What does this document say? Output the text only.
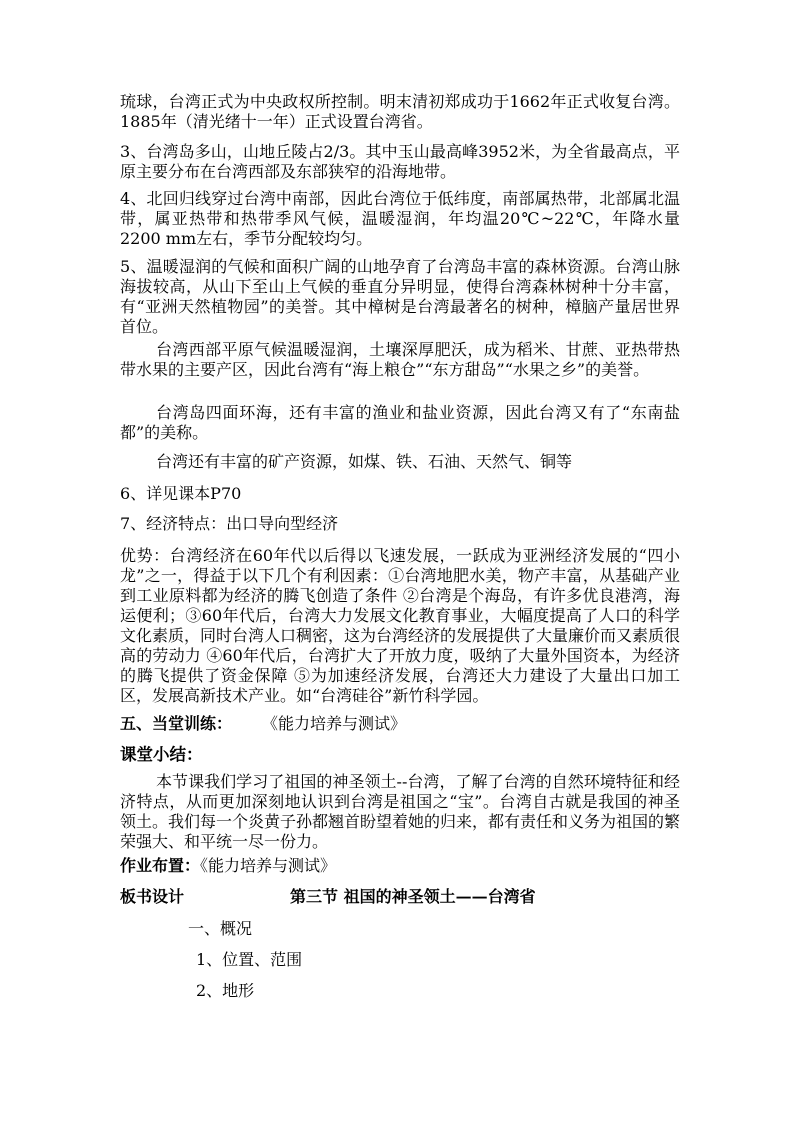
琉球，台湾正式为中央政权所控制。明末清初郑成功于1662年正式收复台湾。1885年（清光绪十一年）正式设置台湾省。

3、台湾岛多山，山地丘陵占2/3。其中玉山最高峰3952米，为全省最高点，平原主要分布在台湾西部及东部狭窄的沿海地带。

4、北回归线穿过台湾中南部，因此台湾位于低纬度，南部属热带，北部属北温带，属亚热带和热带季风气候，温暖湿润，年均温20℃~22℃，年降水量2200 mm左右，季节分配较均匀。

5、温暖湿润的气候和面积广阔的山地孕育了台湾岛丰富的森林资源。台湾山脉海拔较高，从山下至山上气候的垂直分异明显，使得台湾森林树种十分丰富，有“亚洲天然植物园”的美誉。其中樟树是台湾最著名的树种，樟脑产量居世界首位。

台湾西部平原气候温暖湿润，土壤深厚肥沃，成为稻米、甘蔗、亚热带热带水果的主要产区，因此台湾有“海上粮仓”“东方甜岛”“水果之乡”的美誉。

台湾岛四面环海，还有丰富的渔业和盐业资源，因此台湾又有了“东南盐都”的美称。

台湾还有丰富的矿产资源，如煤、铁、石油、天然气、铜等

6、详见课本P70

7、经济特点：出口导向型经济

优势：台湾经济在60年代以后得以飞速发展，一跃成为亚洲经济发展的“四小龙”之一，得益于以下几个有利因素：①台湾地肥水美，物产丰富，从基础产业到工业原料都为经济的腾飞创造了条件 ②台湾是个海岛，有许多优良港湾，海运便利；③60年代后，台湾大力发展文化教育事业，大幅度提高了人口的科学文化素质，同时台湾人口稠密，这为台湾经济的发展提供了大量廉价而又素质很高的劳动力 ④60年代后，台湾扩大了开放力度，吸纳了大量外国资本，为经济的腾飞提供了资金保障 ⑤为加速经济发展，台湾还大力建设了大量出口加工区，发展高新技术产业。如“台湾硅谷”新竹科学园。

五、当堂训练： 《能力培养与测试》
课堂小结：

本节课我们学习了祖国的神圣领土--台湾，了解了台湾的自然环境特征和经济特点，从而更加深刻地认识到台湾是祖国之“宝”。台湾自古就是我国的神圣领土。我们每一个炎黄子孙都翘首盼望着她的归来，都有责任和义务为祖国的繁荣强大、和平统一尽一份力。

作业布置：《能力培养与测试》
板书设计	第三节 祖国的神圣领土——台湾省
一、概况
1、位置、范围
2、地形
